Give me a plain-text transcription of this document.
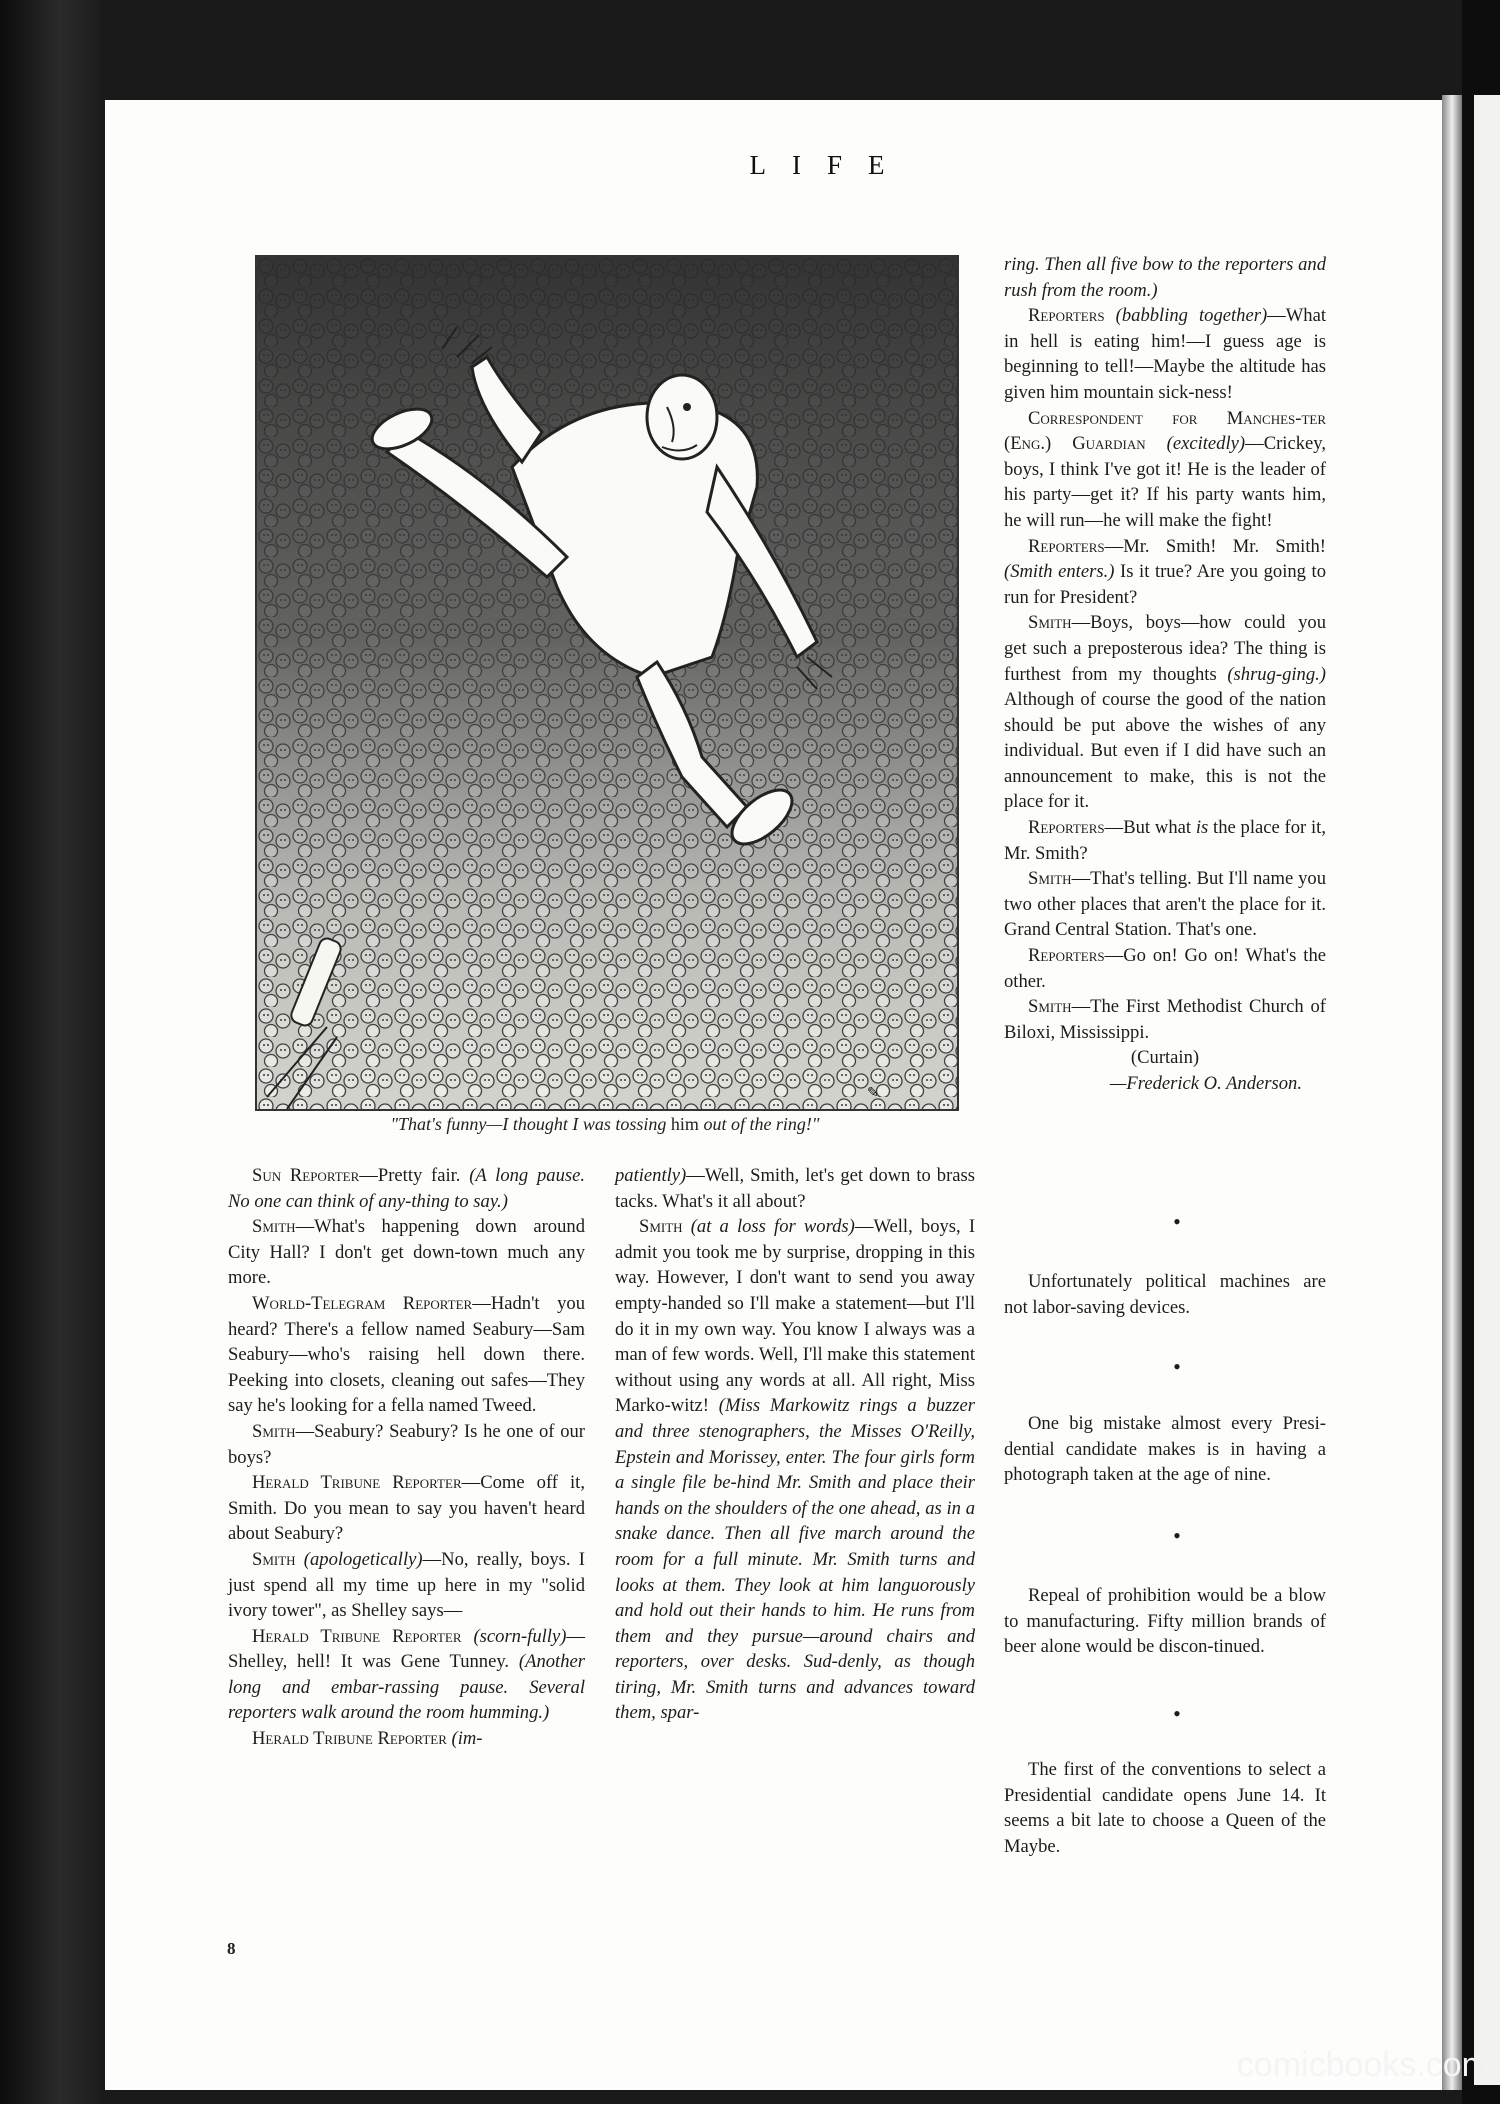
LIFE
✎
"That's funny—I thought I was tossing him out of the ring!"

Sun Reporter—Pretty fair. (A long pause. No one can think of any-thing to say.)

Smith—What's happening down around City Hall? I don't get down-town much any more.

World-Telegram Reporter—Hadn't you heard? There's a fellow named Seabury—Sam Seabury—who's raising hell down there. Peeking into closets, cleaning out safes—They say he's looking for a fella named Tweed.

Smith—Seabury? Seabury? Is he one of our boys?

Herald Tribune Reporter—Come off it, Smith. Do you mean to say you haven't heard about Seabury?

Smith (apologetically)—No, really, boys. I just spend all my time up here in my "solid ivory tower", as Shelley says—

Herald Tribune Reporter (scorn-fully)—Shelley, hell! It was Gene Tunney. (Another long and embar-rassing pause. Several reporters walk around the room humming.)

Herald Tribune Reporter (im-

patiently)—Well, Smith, let's get down to brass tacks. What's it all about?

Smith (at a loss for words)—Well, boys, I admit you took me by surprise, dropping in this way. However, I don't want to send you away empty-handed so I'll make a statement—but I'll do it in my own way. You know I always was a man of few words. Well, I'll make this statement without using any words at all. All right, Miss Marko-witz! (Miss Markowitz rings a buzzer and three stenographers, the Misses O'Reilly, Epstein and Morissey, enter. The four girls form a single file be-hind Mr. Smith and place their hands on the shoulders of the one ahead, as in a snake dance. Then all five march around the room for a full minute. Mr. Smith turns and looks at them. They look at him languorously and hold out their hands to him. He runs from them and they pursue—around chairs and reporters, over desks. Sud-denly, as though tiring, Mr. Smith turns and advances toward them, spar-

ring. Then all five bow to the reporters and rush from the room.)

Reporters (babbling together)—What in hell is eating him!—I guess age is beginning to tell!—Maybe the altitude has given him mountain sick-ness!

Correspondent for Manches-ter (Eng.) Guardian (excitedly)—Crickey, boys, I think I've got it! He is the leader of his party—get it? If his party wants him, he will run—he will make the fight!

Reporters—Mr. Smith! Mr. Smith! (Smith enters.) Is it true? Are you going to run for President?

Smith—Boys, boys—how could you get such a preposterous idea? The thing is furthest from my thoughts (shrug-ging.) Although of course the good of the nation should be put above the wishes of any individual. But even if I did have such an announcement to make, this is not the place for it.

Reporters—But what is the place for it, Mr. Smith?

Smith—That's telling. But I'll name you two other places that aren't the place for it. Grand Central Station. That's one.

Reporters—Go on! Go on! What's the other.

Smith—The First Methodist Church of Biloxi, Mississippi.

(Curtain)

—Frederick O. Anderson.

•

Unfortunately political machines are not labor-saving devices.

•

One big mistake almost every Presi-dential candidate makes is in having a photograph taken at the age of nine.

•

Repeal of prohibition would be a blow to manufacturing. Fifty million brands of beer alone would be discon-tinued.

•

The first of the conventions to select a Presidential candidate opens June 14. It seems a bit late to choose a Queen of the Maybe.

8
comicbooks.com
